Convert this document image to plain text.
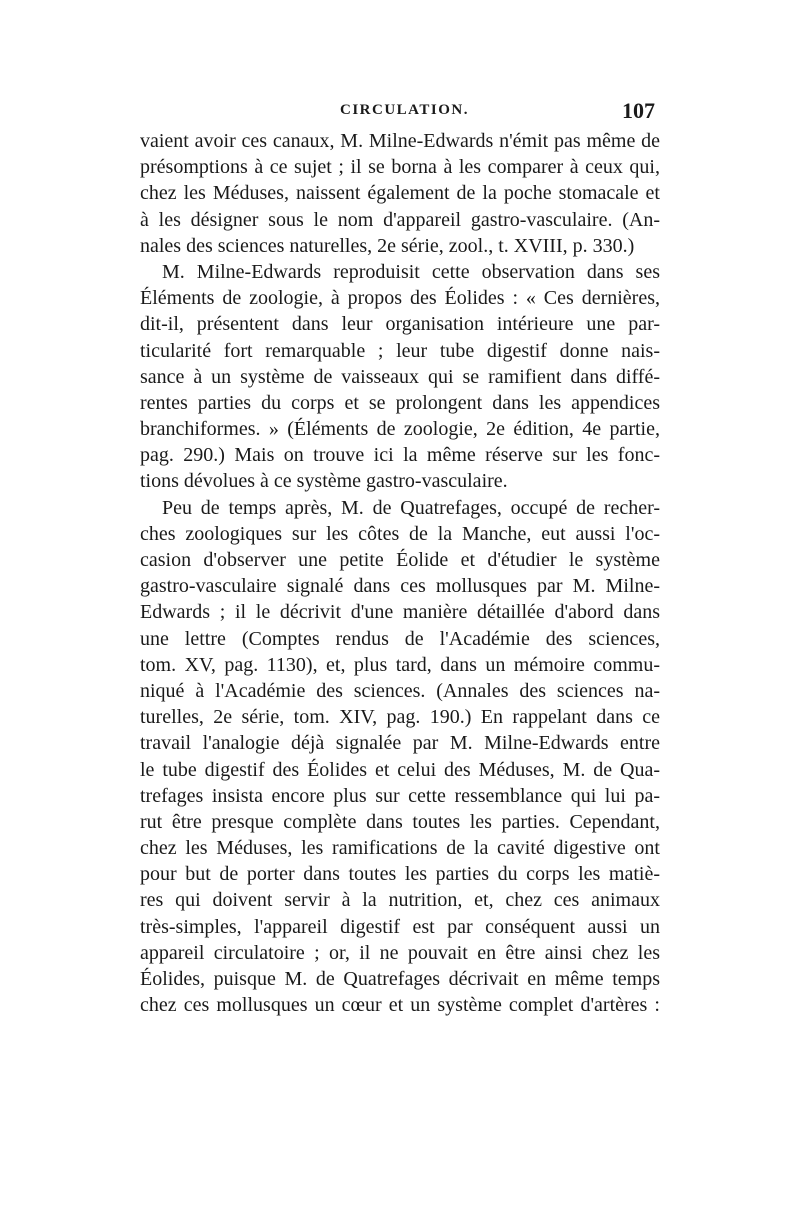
CIRCULATION.	107
vaient avoir ces canaux, M. Milne-Edwards n'émit pas même de
présomptions à ce sujet ; il se borna à les comparer à ceux qui,
chez les Méduses, naissent également de la poche stomacale et
à les désigner sous le nom d'appareil gastro-vasculaire. (An-
nales des sciences naturelles, 2e série, zool., t. XVIII, p. 330.)
M. Milne-Edwards reproduisit cette observation dans ses
Éléments de zoologie, à propos des Éolides : « Ces dernières,
dit-il, présentent dans leur organisation intérieure une par-
ticularité fort remarquable ; leur tube digestif donne nais-
sance à un système de vaisseaux qui se ramifient dans diffé-
rentes parties du corps et se prolongent dans les appendices
branchiformes. » (Éléments de zoologie, 2e édition, 4e partie,
pag. 290.) Mais on trouve ici la même réserve sur les fonc-
tions dévolues à ce système gastro-vasculaire.
Peu de temps après, M. de Quatrefages, occupé de recher-
ches zoologiques sur les côtes de la Manche, eut aussi l'oc-
casion d'observer une petite Éolide et d'étudier le système
gastro-vasculaire signalé dans ces mollusques par M. Milne-
Edwards ; il le décrivit d'une manière détaillée d'abord dans
une lettre (Comptes rendus de l'Académie des sciences,
tom. XV, pag. 1130), et, plus tard, dans un mémoire commu-
niqué à l'Académie des sciences. (Annales des sciences na-
turelles, 2e série, tom. XIV, pag. 190.) En rappelant dans ce
travail l'analogie déjà signalée par M. Milne-Edwards entre
le tube digestif des Éolides et celui des Méduses, M. de Qua-
trefages insista encore plus sur cette ressemblance qui lui pa-
rut être presque complète dans toutes les parties. Cependant,
chez les Méduses, les ramifications de la cavité digestive ont
pour but de porter dans toutes les parties du corps les matiè-
res qui doivent servir à la nutrition, et, chez ces animaux
très-simples, l'appareil digestif est par conséquent aussi un
appareil circulatoire ; or, il ne pouvait en être ainsi chez les
Éolides, puisque M. de Quatrefages décrivait en même temps
chez ces mollusques un cœur et un système complet d'artères :
